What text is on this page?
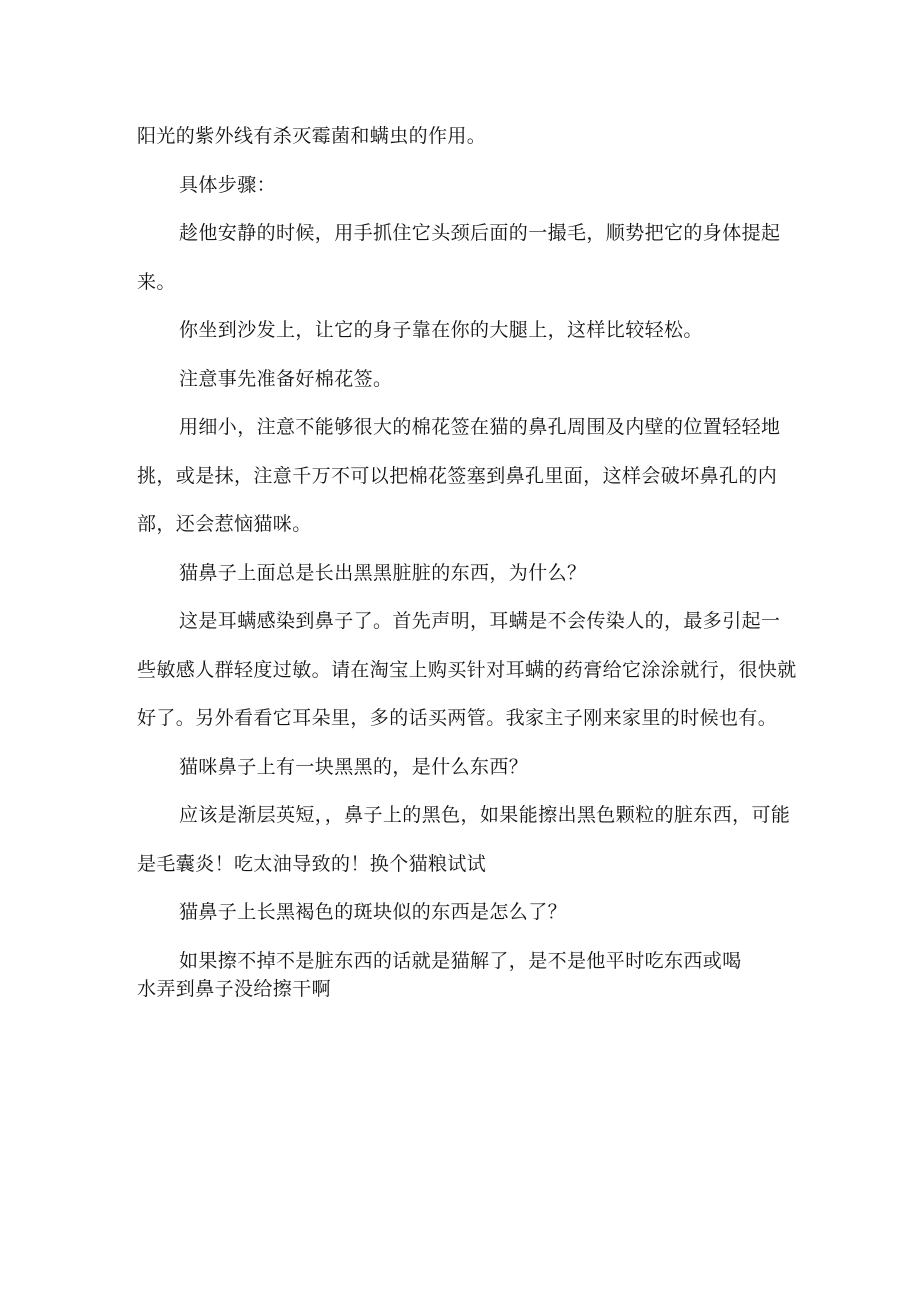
阳光的紫外线有杀灭霉菌和螨虫的作用。

具体步骤：

趁他安静的时候，用手抓住它头颈后面的一撮毛，顺势把它的身体提起来。

你坐到沙发上，让它的身子靠在你的大腿上，这样比较轻松。

注意事先准备好棉花签。

用细小，注意不能够很大的棉花签在猫的鼻孔周围及内壁的位置轻轻地挑，或是抹，注意千万不可以把棉花签塞到鼻孔里面，这样会破坏鼻孔的内部，还会惹恼猫咪。

猫鼻子上面总是长出黑黑脏脏的东西，为什么？

这是耳螨感染到鼻子了。首先声明，耳螨是不会传染人的，最多引起一些敏感人群轻度过敏。请在淘宝上购买针对耳螨的药膏给它涂涂就行，很快就好了。另外看看它耳朵里，多的话买两管。我家主子刚来家里的时候也有。

猫咪鼻子上有一块黑黑的，是什么东西？

应该是渐层英短，，鼻子上的黑色，如果能擦出黑色颗粒的脏东西，可能是毛囊炎！吃太油导致的！换个猫粮试试

猫鼻子上长黑褐色的斑块似的东西是怎么了？

如果擦不掉不是脏东西的话就是猫解了，是不是他平时吃东西或喝水弄到鼻子没给擦干啊
